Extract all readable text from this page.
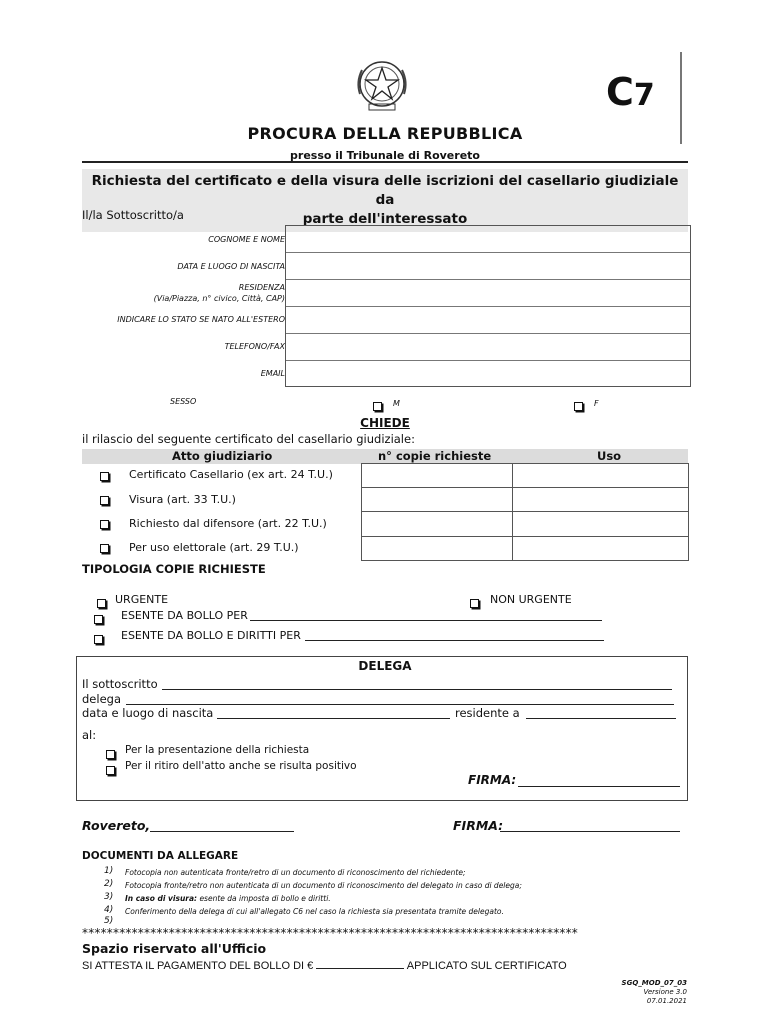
C7
PROCURA DELLA REPUBBLICA
presso il Tribunale di Rovereto
Richiesta del certificato e della visura delle iscrizioni del casellario giudiziale da
parte dell'interessato
Il/la Sottoscritto/a
COGNOME E NOME
DATA E LUOGO DI NASCITA
RESIDENZA
(Via/Piazza, n° civico, Città, CAP)
INDICARE LO STATO SE NATO ALL'ESTERO
TELEFONO/FAX
EMAIL
SESSO	M	F
CHIEDE
il rilascio del seguente certificato del casellario giudiziale:
Atto giudiziario	n° copie richieste	Uso
Certificato Casellario (ex art. 24 T.U.)
Visura (art. 33 T.U.)
Richiesto dal difensore (art. 22 T.U.)
Per uso elettorale (art. 29 T.U.)
TIPOLOGIA COPIE RICHIESTE
URGENTE	NON URGENTE
ESENTE DA BOLLO PER
ESENTE DA BOLLO E DIRITTI PER
DELEGA
Il sottoscritto
delega
data e luogo di nascita	residente a
al:
Per la presentazione della richiesta
Per il ritiro dell'atto anche se risulta positivo
FIRMA:
Rovereto,	FIRMA:
DOCUMENTI DA ALLEGARE
1) Fotocopia non autenticata fronte/retro di un documento di riconoscimento del richiedente;
2) Fotocopia fronte/retro non autenticata di un documento di riconoscimento del delegato in caso di delega;
3) In caso di visura: esente da imposta di bollo e diritti.
4) Conferimento della delega di cui all'allegato C6 nel caso la richiesta sia presentata tramite delegato.
5)
********************************************************************************
Spazio riservato all'Ufficio
SI ATTESTA IL PAGAMENTO DEL BOLLO DI €	APPLICATO SUL CERTIFICATO
SGQ_MOD_07_03
Versione 3.0
07.01.2021
